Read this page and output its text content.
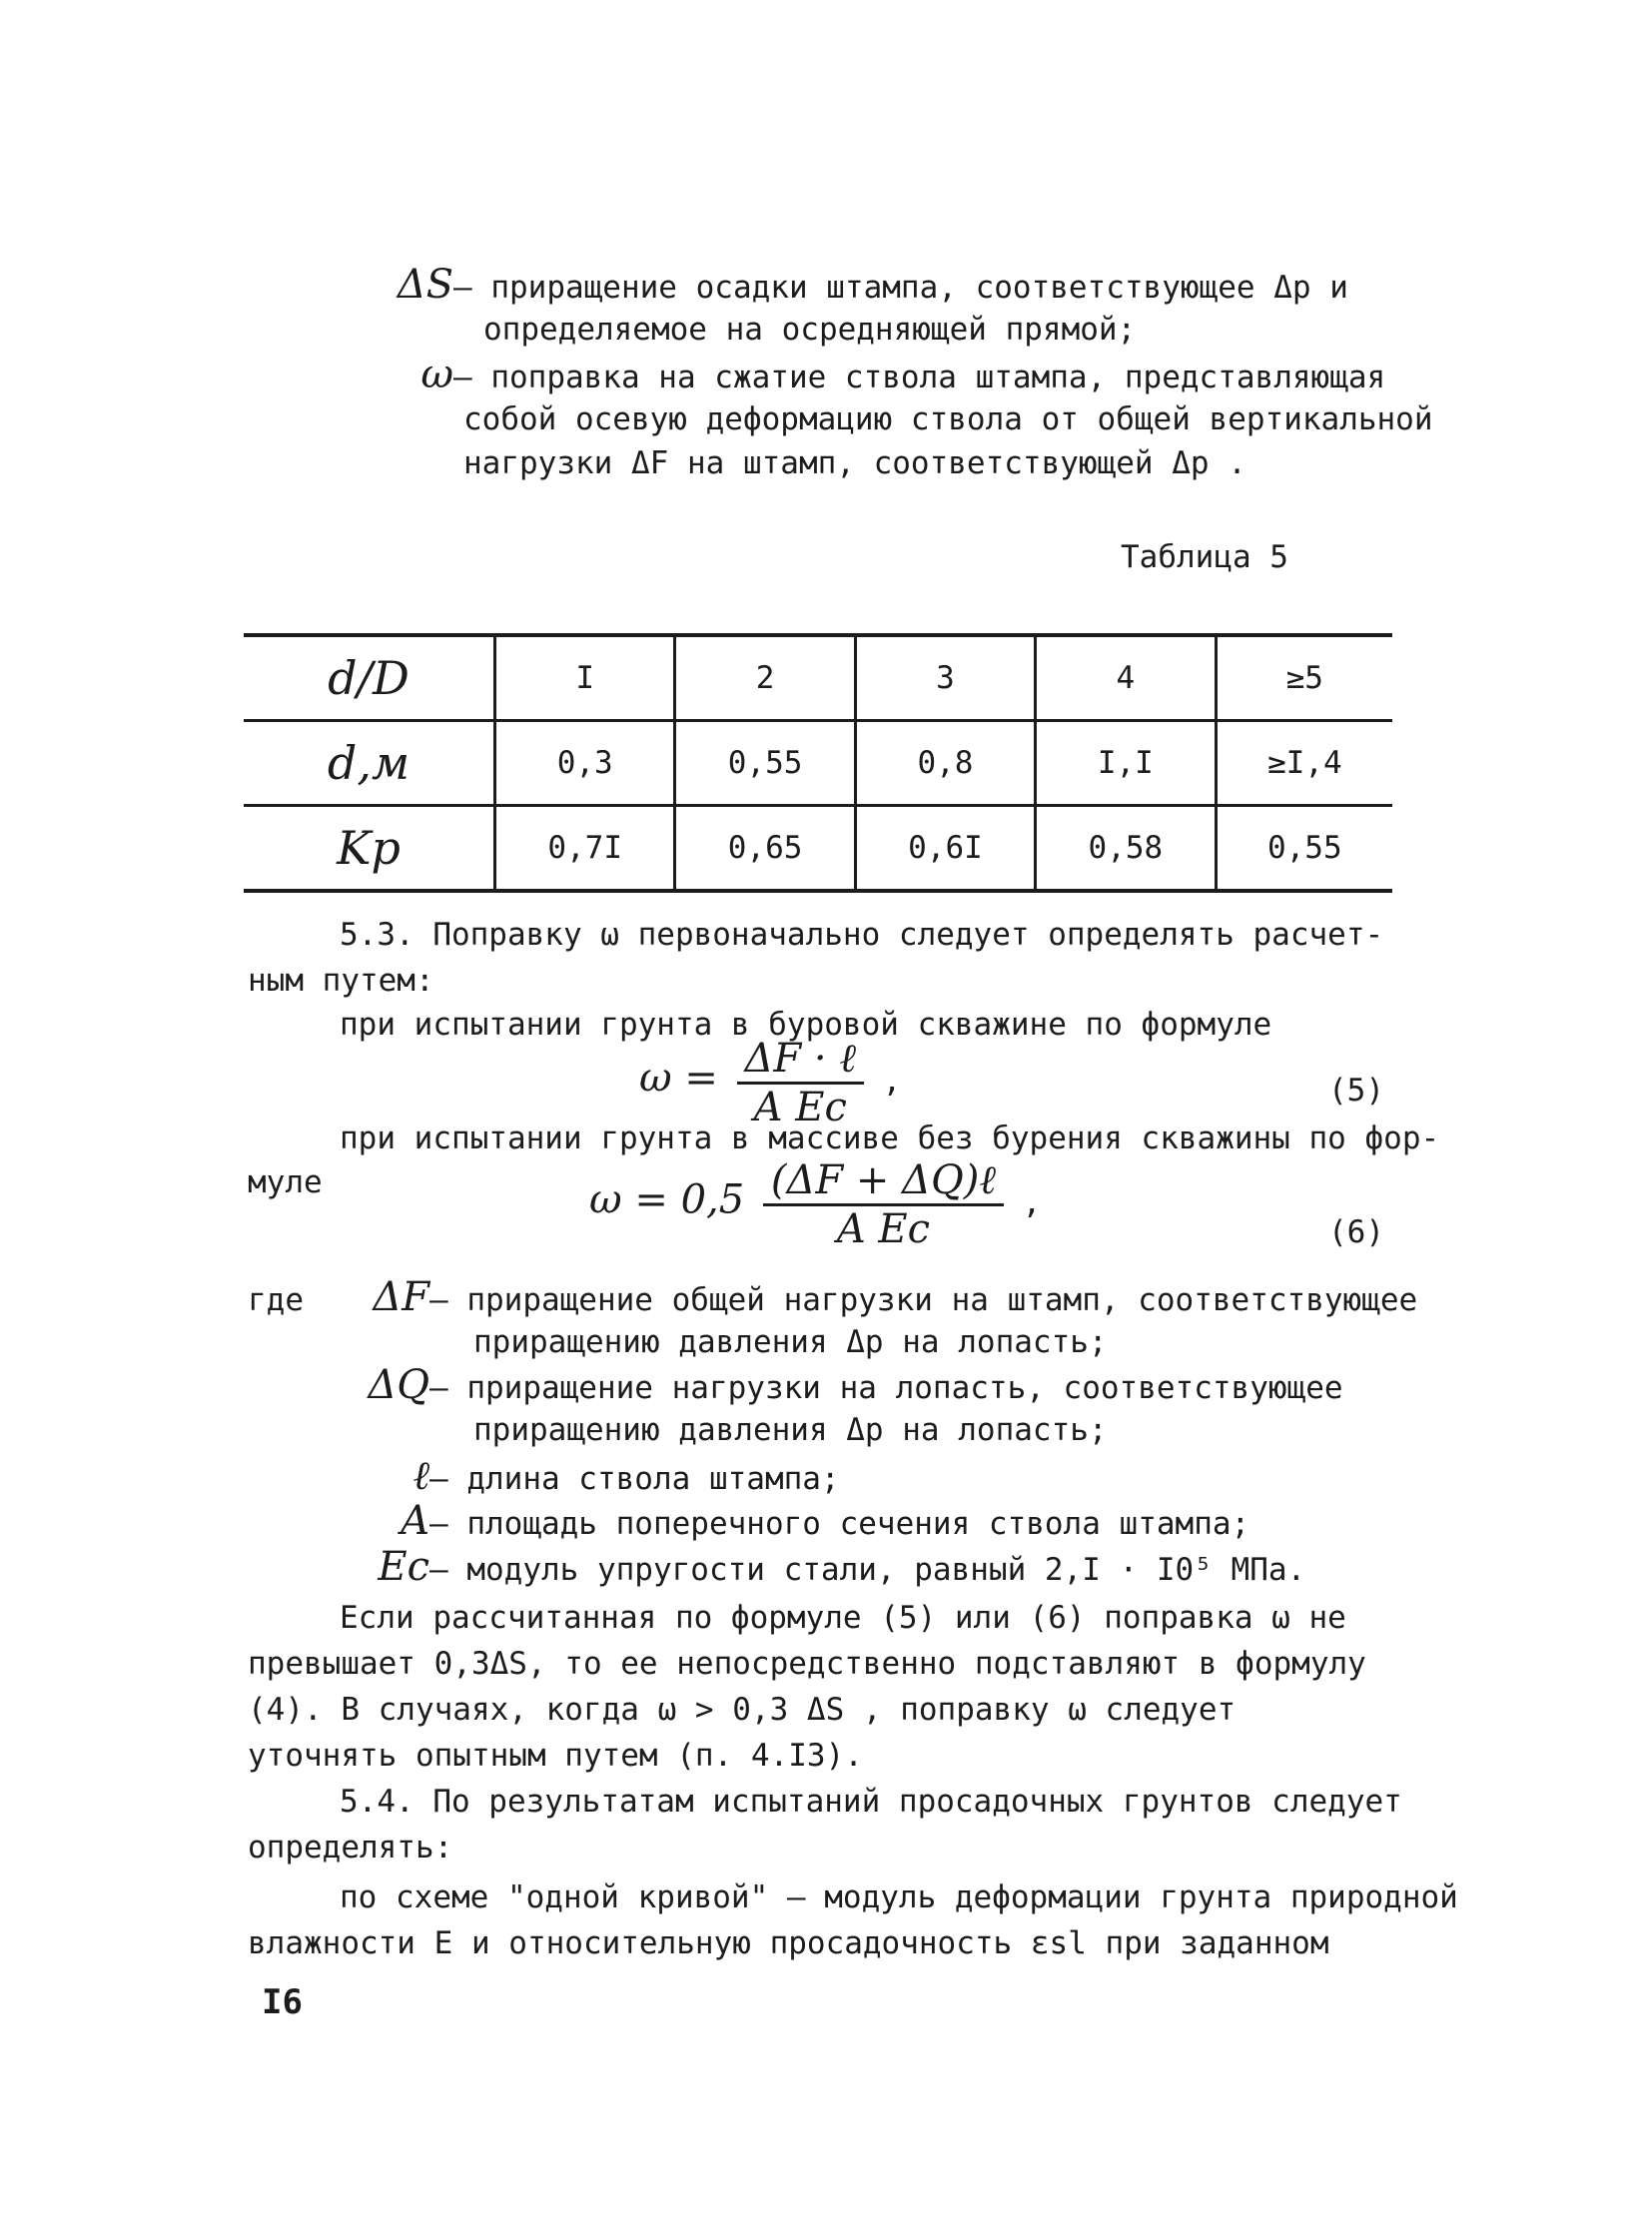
ΔS– приращение осадки штампа, соответствующее Δp и
определяемое на осредняющей прямой;
ω– поправка на сжатие ствола штампа, представляющая
собой осевую деформацию ствола от общей вертикальной
нагрузки ΔF на штамп, соответствующей Δp .
Таблица 5
d/D	I	2	3	4	≥5
d,м	0,3	0,55	0,8	I,I	≥I,4
Kp	0,7I	0,65	0,6I	0,58	0,55
5.3. Поправку ω первоначально следует определять расчет-
ным путем:
при испытании грунта в буровой скважине по формуле
$\omega = \frac{\text{ΔF · ℓ}}{\text{A Ec}}$ ,	(5)
при испытании грунта в массиве без бурения скважины по фор-
муле	$\omega = 0,5 \frac{\text{(ΔF + ΔQ)ℓ}}{\text{A Ec}}$ ,
(6)
где	ΔF– приращение общей нагрузки на штамп, соответствующее
приращению давления Δp на лопасть;
ΔQ– приращение нагрузки на лопасть, соответствующее
приращению давления Δp на лопасть;
ℓ– длина ствола штампа;
A– площадь поперечного сечения ствола штампа;
Ec– модуль упругости стали, равный 2,I · I0⁵ МПа.
Если рассчитанная по формуле (5) или (6) поправка ω не
превышает 0,3ΔS, то ее непосредственно подставляют в формулу
(4). В случаях, когда ω > 0,3 ΔS , поправку ω следует
уточнять опытным путем (п. 4.I3).
5.4. По результатам испытаний просадочных грунтов следует
определять:
по схеме "одной кривой" – модуль деформации грунта природной
влажности E и относительную просадочность εsl при заданном
I6
